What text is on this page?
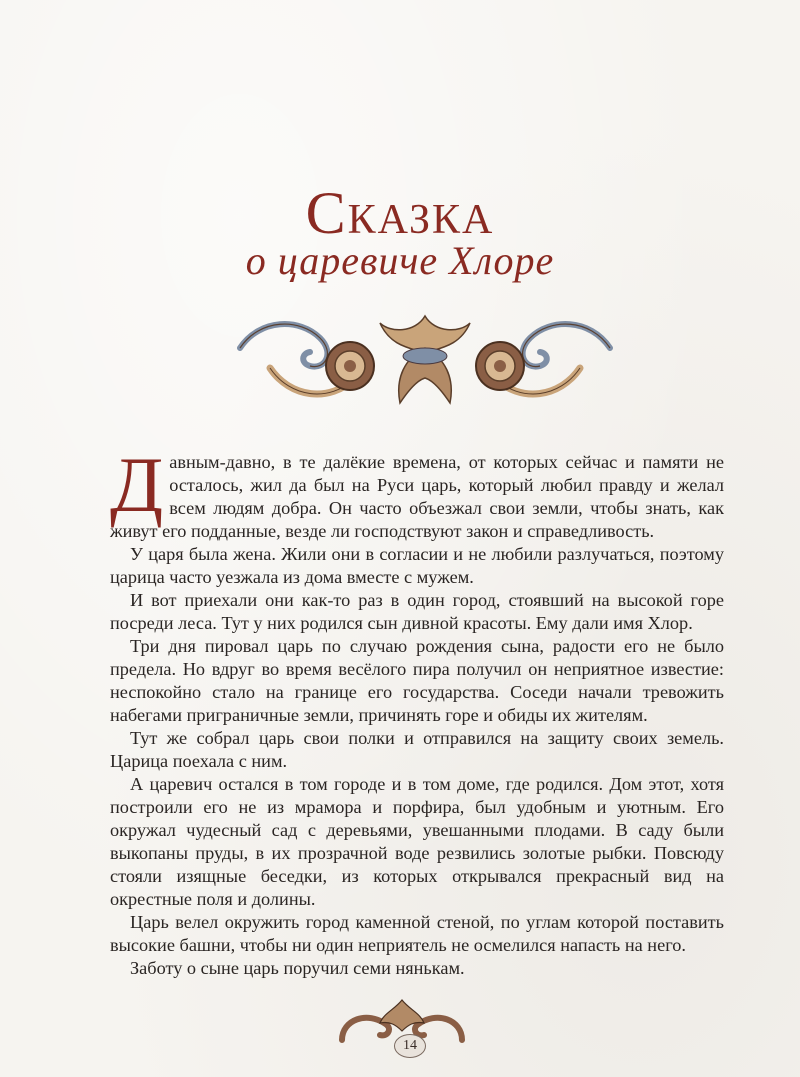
Сказка
о царевиче Хлоре

Давным-давно, в те далёкие времена, от которых сейчас и памяти не осталось, жил да был на Руси царь, который любил правду и желал всем людям добра. Он часто объезжал свои земли, чтобы знать, как живут его подданные, везде ли господствуют закон и справедливость.

У царя была жена. Жили они в согласии и не любили разлучаться, поэтому царица часто уезжала из дома вместе с мужем.

И вот приехали они как-то раз в один город, стоявший на высокой горе посреди леса. Тут у них родился сын дивной красоты. Ему дали имя Хлор.

Три дня пировал царь по случаю рождения сына, радости его не было предела. Но вдруг во время весёлого пира получил он неприятное известие: неспокойно стало на границе его государства. Соседи начали тревожить набегами приграничные земли, причинять горе и обиды их жителям.

Тут же собрал царь свои полки и отправился на защиту своих земель. Царица поехала с ним.

А царевич остался в том городе и в том доме, где родился. Дом этот, хотя построили его не из мрамора и порфира, был удобным и уютным. Его окружал чудесный сад с деревьями, увешанными плодами. В саду были выкопаны пруды, в их прозрачной воде резвились золотые рыбки. Повсюду стояли изящные беседки, из которых открывался прекрасный вид на окрестные поля и долины.

Царь велел окружить город каменной стеной, по углам которой поставить высокие башни, чтобы ни один неприятель не осмелился напасть на него.

Заботу о сыне царь поручил семи нянькам.

14
